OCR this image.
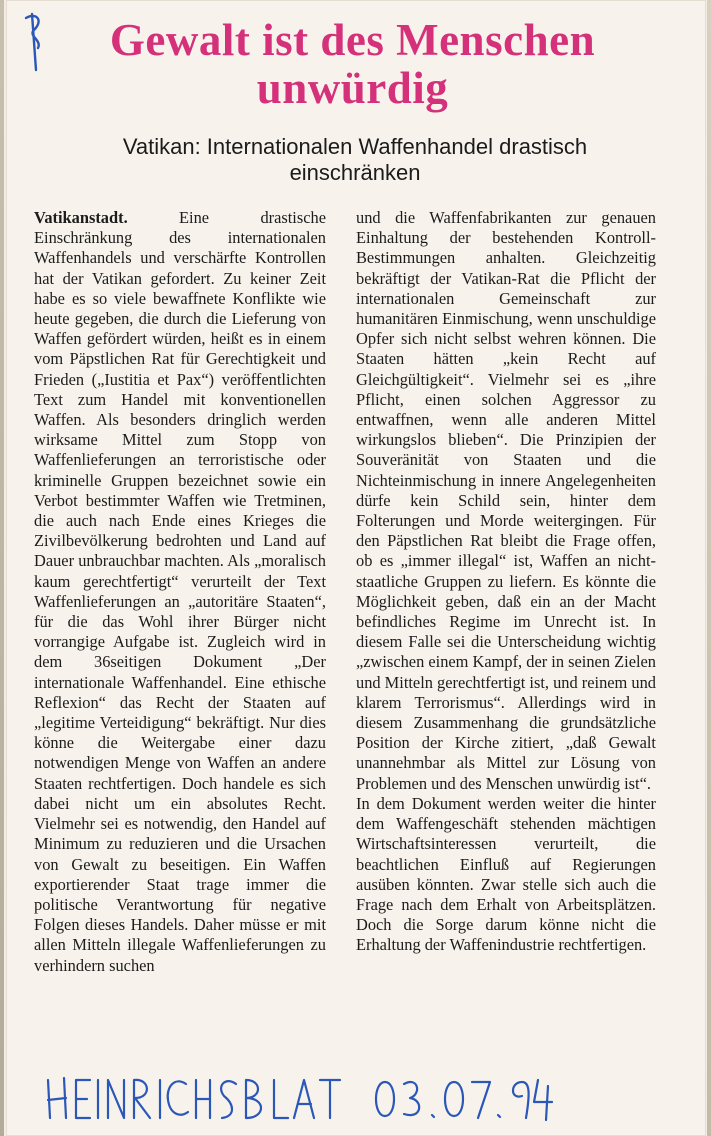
Gewalt ist des Menschen
unwürdig
Vatikan: Internationalen Waffenhandel drastisch
einschränken

Vatikanstadt.	Eine drastische Einschränkung des internationalen Waffenhandels und verschärfte Kontrollen hat der Vatikan gefordert. Zu keiner Zeit habe es so viele bewaffnete Konflikte wie heute gegeben, die durch die Lieferung von Waffen gefördert würden, heißt es in einem vom Päpstlichen Rat für Gerechtigkeit und Frieden („Iustitia et Pax“) veröffentlichten Text zum Handel mit konventionellen Waffen. Als besonders dringlich werden wirksame Mittel zum Stopp von Waffenlieferungen an terroristische oder kriminelle Gruppen bezeichnet sowie ein Verbot bestimmter Waffen wie Tretminen, die auch nach Ende eines Krieges die Zivilbevölkerung bedrohten und Land auf Dauer unbrauchbar machten. Als „moralisch kaum gerechtfertigt“ verurteilt der Text Waffenlieferungen an „autoritäre Staaten“, für die das Wohl ihrer Bürger nicht vorrangige Aufgabe ist. Zugleich wird in dem 36seitigen Dokument „Der internationale Waffenhandel. Eine ethische Reflexion“ das Recht der Staaten auf „legitime Verteidigung“ bekräftigt. Nur dies könne die Weitergabe einer dazu notwendigen Menge von Waffen an andere Staaten rechtfertigen. Doch handele es sich dabei nicht um ein absolutes Recht. Vielmehr sei es notwendig, den Handel auf Minimum zu reduzieren und die Ursachen von Gewalt zu beseitigen. Ein Waffen exportierender Staat trage immer die politische Verantwortung für negative Folgen dieses Handels. Daher müsse er mit allen Mitteln illegale Waffenlieferungen zu verhindern suchen

und die Waffenfabrikanten zur genauen Einhaltung der bestehenden Kontroll-Bestimmungen anhalten. Gleichzeitig bekräftigt der Vatikan-Rat die Pflicht der internationalen Gemeinschaft zur humanitären Einmischung, wenn unschuldige Opfer sich nicht selbst wehren können. Die Staaten hätten „kein Recht auf Gleichgültigkeit“. Vielmehr sei es „ihre Pflicht, einen solchen Aggressor zu entwaffnen, wenn alle anderen Mittel wirkungslos blieben“. Die Prinzipien der Souveränität von Staaten und die Nichteinmischung in innere Angelegenheiten dürfe kein Schild sein, hinter dem Folterungen und Morde weitergingen. Für den Päpstlichen Rat bleibt die Frage offen, ob es „immer illegal“ ist, Waffen an nicht-staatliche Gruppen zu liefern. Es könnte die Möglichkeit geben, daß ein an der Macht befindliches Regime im Unrecht ist. In diesem Falle sei die Unterscheidung wichtig „zwischen einem Kampf, der in seinen Zielen und Mitteln gerechtfertigt ist, und reinem und klarem Terrorismus“. Allerdings wird in diesem Zusammenhang die grundsätzliche Position der Kirche zitiert, „daß Gewalt unannehmbar als Mittel zur Lösung von Problemen und des Menschen unwürdig ist“.

In dem Dokument werden weiter die hinter dem Waffengeschäft stehenden mächtigen Wirtschaftsinteressen verurteilt, die beachtlichen Einfluß auf Regierungen ausüben könnten. Zwar stelle sich auch die Frage nach dem Erhalt von Arbeitsplätzen. Doch die Sorge darum könne nicht die Erhaltung der Waffenindustrie rechtfertigen.
